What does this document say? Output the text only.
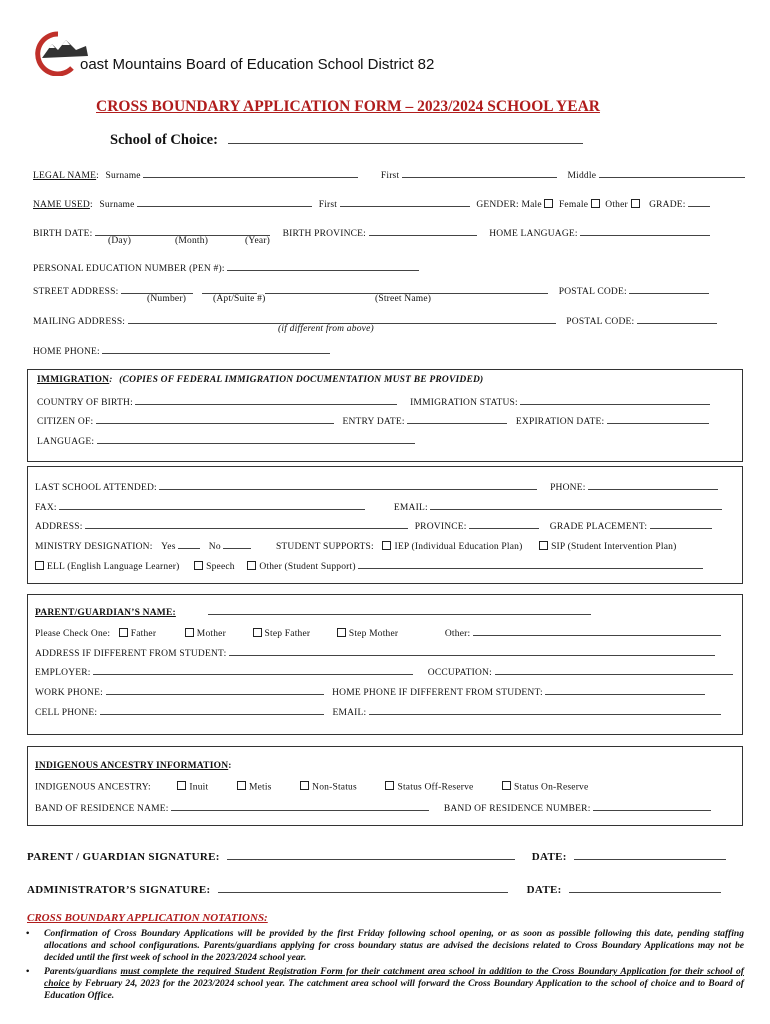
oast Mountains Board of Education School District 82
CROSS BOUNDARY APPLICATION FORM – 2023/2024 SCHOOL YEAR
School of Choice:
LEGAL NAME: Surname	First	Middle
NAME USED: Surname	First	GENDER: Male Female Other GRADE:
BIRTH DATE:	BIRTH PROVINCE:	HOME LANGUAGE:
(Day)	(Month)	(Year)
PERSONAL EDUCATION NUMBER (PEN #):
STREET ADDRESS:	POSTAL CODE:
(Number)	(Apt/Suite #)	(Street Name)
MAILING ADDRESS:	POSTAL CODE:
(if different from above)
HOME PHONE:
IMMIGRATION: (COPIES OF FEDERAL IMMIGRATION DOCUMENTATION MUST BE PROVIDED)
COUNTRY OF BIRTH:	IMMIGRATION STATUS:
CITIZEN OF:	ENTRY DATE:	EXPIRATION DATE:
LANGUAGE:
LAST SCHOOL ATTENDED:	PHONE:
FAX:	EMAIL:
ADDRESS:	PROVINCE:	GRADE PLACEMENT:
MINISTRY DESIGNATION: Yes	No	STUDENT SUPPORTS: IEP (Individual Education Plan)	SIP (Student Intervention Plan)
ELL (English Language Learner)	Speech	Other (Student Support)
PARENT/GUARDIAN’S NAME:
Please Check One: Father	Mother	Step Father	Step Mother	Other:
ADDRESS IF DIFFERENT FROM STUDENT:
EMPLOYER:	OCCUPATION:
WORK PHONE:	HOME PHONE IF DIFFERENT FROM STUDENT:
CELL PHONE:	EMAIL:
INDIGENOUS ANCESTRY INFORMATION:
INDIGENOUS ANCESTRY:	Inuit	Metis	Non-Status	Status Off-Reserve	Status On-Reserve
BAND OF RESIDENCE NAME:	BAND OF RESIDENCE NUMBER:
PARENT / GUARDIAN SIGNATURE:	DATE:
ADMINISTRATOR’S SIGNATURE:	DATE:
CROSS BOUNDARY APPLICATION NOTATIONS:
• Confirmation of Cross Boundary Applications will be provided by the first Friday following school opening, or as soon as possible following this date, pending staffing allocations and school configurations. Parents/guardians applying for cross boundary status are advised the decisions related to Cross Boundary Applications may not be decided until the first week of school in the 2023/2024 school year.
• Parents/guardians must complete the required Student Registration Form for their catchment area school in addition to the Cross Boundary Application for their school of choice by February 24, 2023 for the 2023/2024 school year. The catchment area school will forward the Cross Boundary Application to the school of choice and to Board of Education Office.
